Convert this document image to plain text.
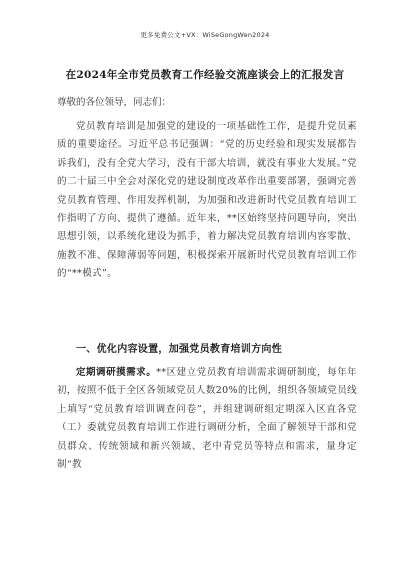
更多免费公文+VX：WiSeGongWen2024
在2024年全市党员教育工作经验交流座谈会上的汇报发言
尊敬的各位领导，同志们：
党员教育培训是加强党的建设的一项基础性工作，是提升党员素质的重要途径。习近平总书记强调：“党的历史经验和现实发展都告诉我们，没有全党大学习，没有干部大培训，就没有事业大发展。”党的二十届三中全会对深化党的建设制度改革作出重要部署，强调完善党员教育管理、作用发挥机制，为加强和改进新时代党员教育培训工作指明了方向、提供了遵循。近年来，**区始终坚持问题导向，突出思想引领，以系统化建设为抓手，着力解决党员教育培训内容零散、施教不准、保障薄弱等问题，积极探索开展新时代党员教育培训工作的“**模式”。
一、优化内容设置，加强党员教育培训方向性
定期调研摸需求。**区建立党员教育培训需求调研制度，每年年初，按照不低于全区各领域党员人数20%的比例，组织各领域党员线上填写“党员教育培训调查问卷”，并组建调研组定期深入区直各党（工）委就党员教育培训工作进行调研分析，全面了解领导干部和党员群众、传统领域和新兴领域、老中青党员等特点和需求，量身定制“教
